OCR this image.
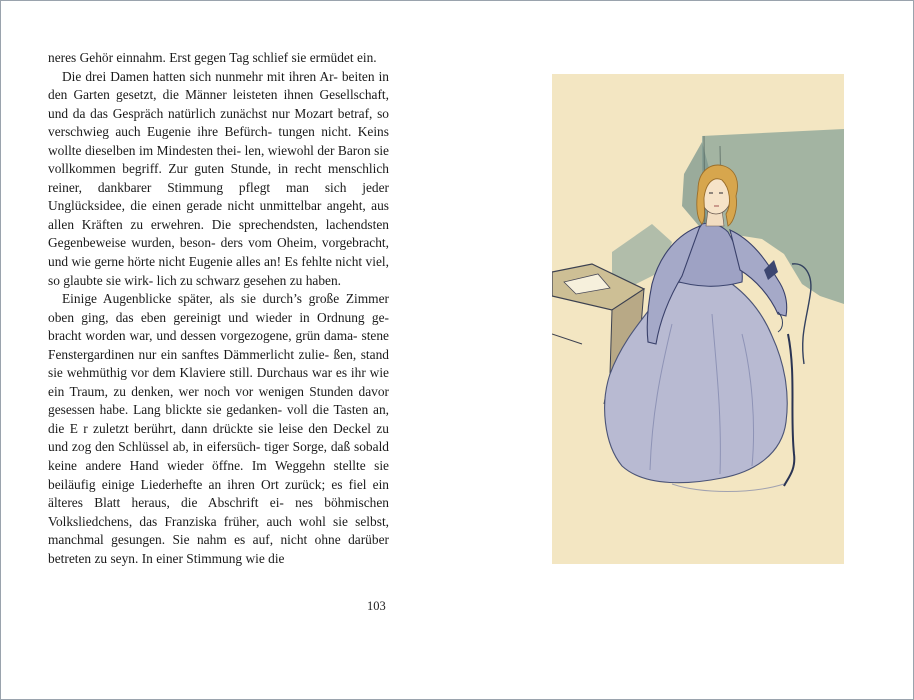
neres Gehör einnahm. Erst gegen Tag schlief sie ermüdet ein.

Die drei Damen hatten sich nunmehr mit ihren Ar- beiten in den Garten gesetzt, die Männer leisteten ihnen Gesellschaft, und da das Gespräch natürlich zunächst nur Mozart betraf, so verschwieg auch Eugenie ihre Befürch- tungen nicht. Keins wollte dieselben im Mindesten thei- len, wiewohl der Baron sie vollkommen begriff. Zur guten Stunde, in recht menschlich reiner, dankbarer Stimmung pflegt man sich jeder Unglücksidee, die einen gerade nicht unmittelbar angeht, aus allen Kräften zu erwehren. Die sprechendsten, lachendsten Gegenbeweise wurden, beson- ders vom Oheim, vorgebracht, und wie gerne hörte nicht Eugenie alles an! Es fehlte nicht viel, so glaubte sie wirk- lich zu schwarz gesehen zu haben.

Einige Augenblicke später, als sie durch’s große Zimmer oben ging, das eben gereinigt und wieder in Ordnung ge- bracht worden war, und dessen vorgezogene, grün dama- stene Fenstergardinen nur ein sanftes Dämmerlicht zulie- ßen, stand sie wehmüthig vor dem Klaviere still. Durchaus war es ihr wie ein Traum, zu denken, wer noch vor wenigen Stunden davor gesessen habe. Lang blickte sie gedanken- voll die Tasten an, die E r zuletzt berührt, dann drückte sie leise den Deckel zu und zog den Schlüssel ab, in eifersüch- tiger Sorge, daß sobald keine andere Hand wieder öffne. Im Weggehn stellte sie beiläufig einige Liederhefte an ihren Ort zurück; es fiel ein älteres Blatt heraus, die Abschrift ei- nes böhmischen Volksliedchens, das Franziska früher, auch wohl sie selbst, manchmal gesungen. Sie nahm es auf, nicht ohne darüber betreten zu seyn. In einer Stimmung wie die

103
